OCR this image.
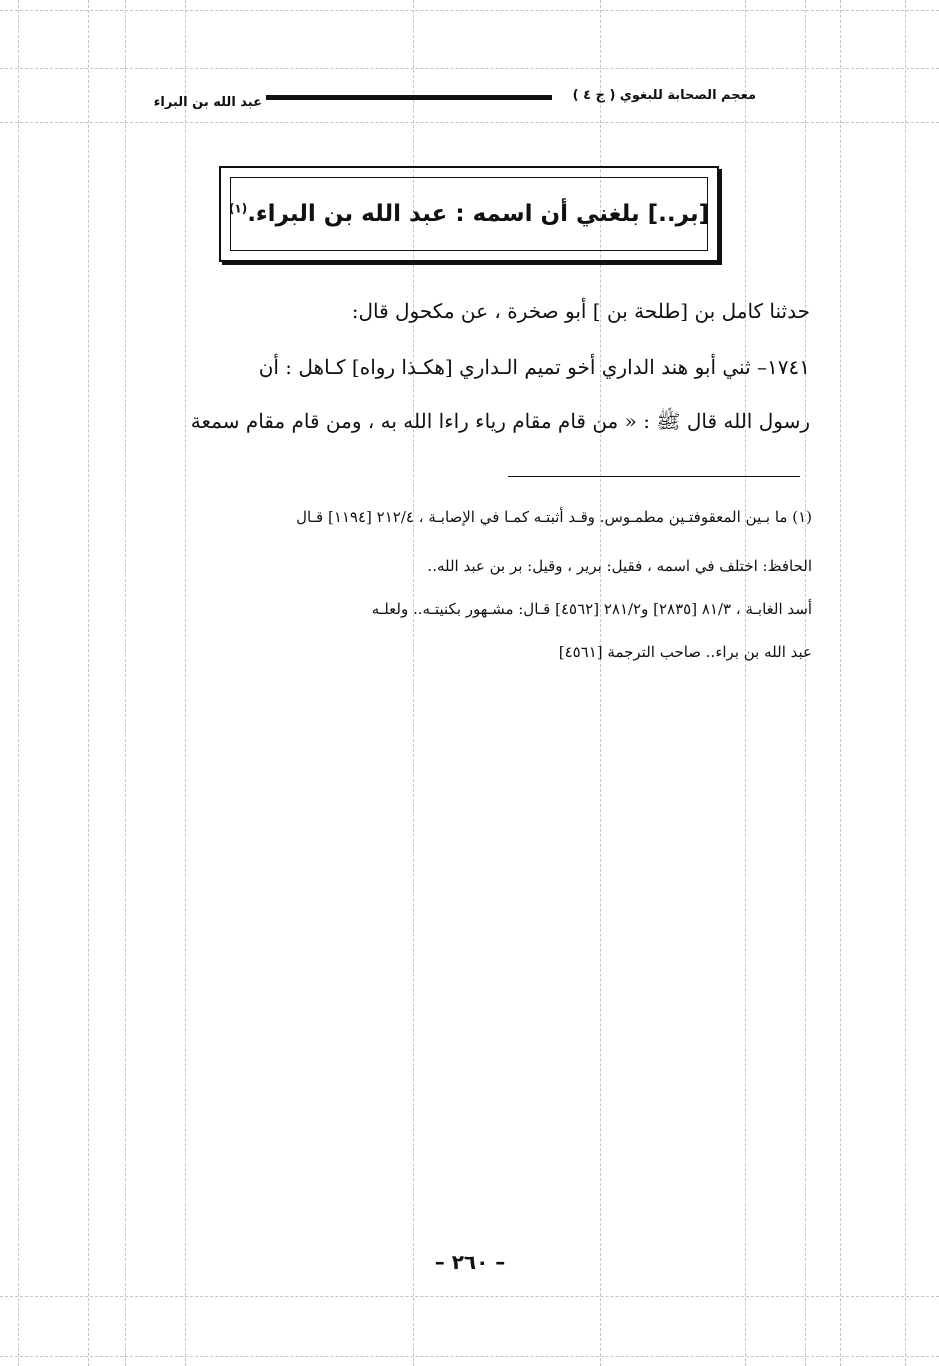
معجم الصحابة للبغوي ( ج ٤ )
عبد الله بن البراء
[بر..] بلغني أن اسمه : عبد الله بن البراء.$^{(١)}$
حدثنا كامل بن [طلحة بن ] أبو صخرة ، عن مكحول قال:
١٧٤١– ثني أبو هند الداري أخو تميم الـداري [هكـذا رواه] كـاهل : أن
رسول الله قال ﷺ : « من قام مقام رياء راءا الله به ، ومن قام مقام سمعة
(١) ما بـين المعقوفتـين مطمـوس. وقـد أثبتـه كمـا في الإصابـة ، ٢١٢/٤ [١١٩٤] قـال
الحافظ: اختلف في اسمه ، فقيل: برير ، وقيل: بر بن عبد الله..
أسد الغابـة ، ٨١/٣ [٢٨٣٥] و٢٨١/٢ [٤٥٦٢] قـال: مشـهور بكنيتـه.. ولعلـه
عبد الله بن براء.. صاحب الترجمة [٤٥٦١]
– ٢٦٠ –
